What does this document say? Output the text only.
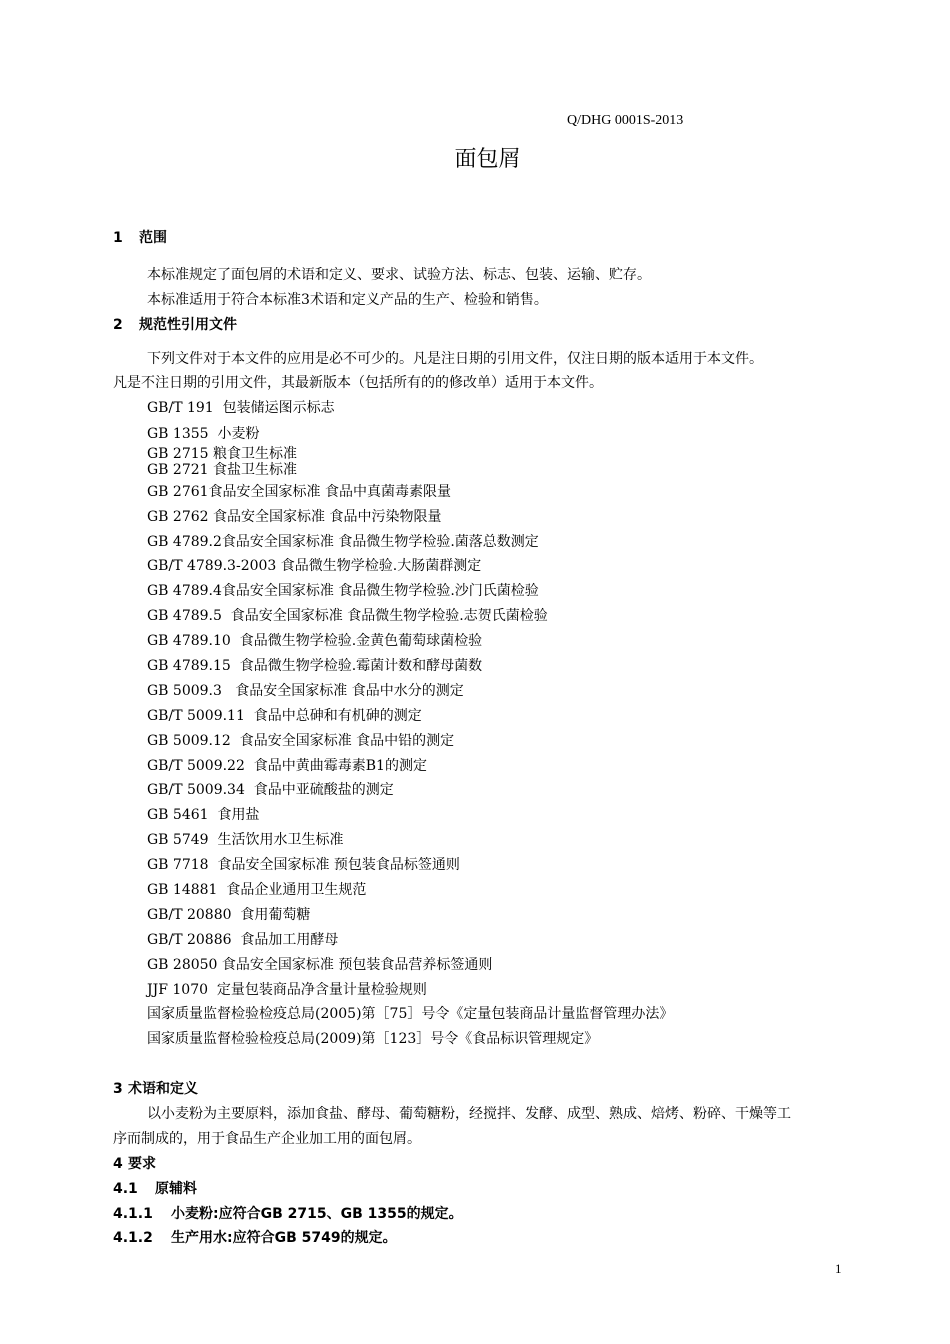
Q/DHG 0001S-2013
面包屑
1 范围
本标准规定了面包屑的术语和定义、要求、试验方法、标志、包装、运输、贮存。
本标准适用于符合本标准3术语和定义产品的生产、检验和销售。
2 规范性引用文件
下列文件对于本文件的应用是必不可少的。凡是注日期的引用文件，仅注日期的版本适用于本文件。
凡是不注日期的引用文件，其最新版本（包括所有的的修改单）适用于本文件。
GB/T 191  包装储运图示标志
GB 1355  小麦粉
GB 2715 粮食卫生标准
GB 2721 食盐卫生标准
GB 2761食品安全国家标准 食品中真菌毒素限量
GB 2762 食品安全国家标准 食品中污染物限量
GB 4789.2食品安全国家标准 食品微生物学检验.菌落总数测定
GB/T 4789.3-2003 食品微生物学检验.大肠菌群测定
GB 4789.4食品安全国家标准 食品微生物学检验.沙门氏菌检验
GB 4789.5  食品安全国家标准 食品微生物学检验.志贺氏菌检验
GB 4789.10  食品微生物学检验.金黄色葡萄球菌检验
GB 4789.15  食品微生物学检验.霉菌计数和酵母菌数
GB 5009.3   食品安全国家标准 食品中水分的测定
GB/T 5009.11  食品中总砷和有机砷的测定
GB 5009.12  食品安全国家标准 食品中铅的测定
GB/T 5009.22  食品中黄曲霉毒素B1的测定
GB/T 5009.34  食品中亚硫酸盐的测定
GB 5461  食用盐
GB 5749  生活饮用水卫生标准
GB 7718  食品安全国家标准 预包装食品标签通则
GB 14881  食品企业通用卫生规范
GB/T 20880  食用葡萄糖
GB/T 20886  食品加工用酵母
GB 28050 食品安全国家标准 预包装食品营养标签通则
JJF 1070  定量包装商品净含量计量检验规则
国家质量监督检验检疫总局(2005)第［75］号令《定量包装商品计量监督管理办法》
国家质量监督检验检疫总局(2009)第［123］号令《食品标识管理规定》
3 术语和定义
以小麦粉为主要原料，添加食盐、酵母、葡萄糖粉，经搅拌、发酵、成型、熟成、焙烤、粉碎、干燥等工
序而制成的，用于食品生产企业加工用的面包屑。
4 要求
4.1 原辅料
4.1.1 小麦粉:应符合GB 2715、GB 1355的规定。
4.1.2 生产用水:应符合GB 5749的规定。
1
